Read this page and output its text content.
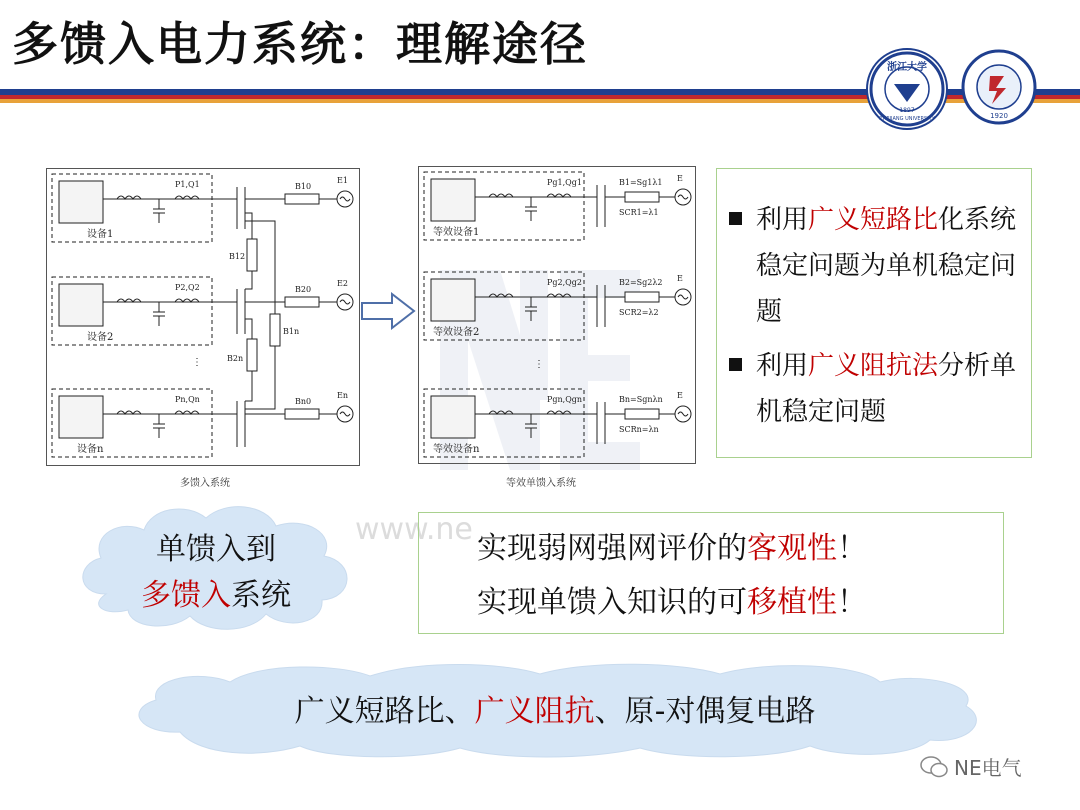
多馈入电力系统：理解途径	浙江大学
ZHEJIANG UNIVERSITY
1897
1920
www.ne
设备1
设备2
设备n
P1,Q1
P2,Q2
Pn,Qn
B10
B20
Bn0
E1
E2
En
B12
B2n
B1n
⋮
多馈入系统
等效设备1
等效设备2
等效设备n
Pg1,Qg1
Pg2,Qg2
Pgn,Qgn
B1=Sg1λ1
B2=Sg2λ2
Bn=Sgnλn
SCR1=λ1
SCR2=λ2
SCRn=λn
E
E
E
⋮
等效单馈入系统
利用广义短路比化系统稳定问题为单机稳定问题
利用广义阻抗法分析单机稳定问题
单馈入到
多馈入系统
实现弱网强网评价的客观性！
实现单馈入知识的可移植性！
广义短路比、广义阻抗、原-对偶复电路
NE电气
